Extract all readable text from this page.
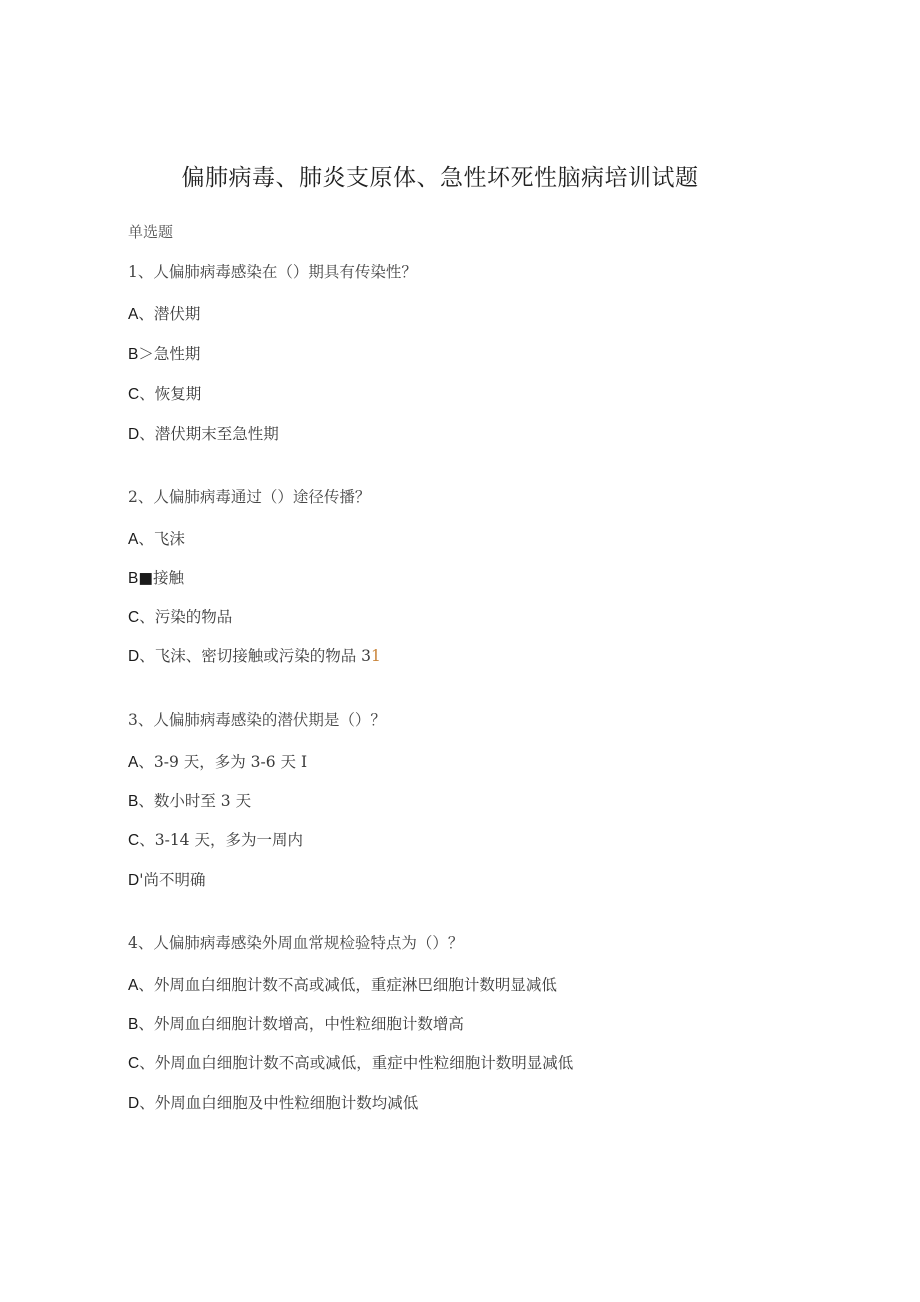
偏肺病毒、肺炎支原体、急性坏死性脑病培训试题
单选题
1、人偏肺病毒感染在（）期具有传染性？
A、潜伏期
B＞急性期
C、恢复期
D、潜伏期末至急性期
2、人偏肺病毒通过（）途径传播？
A、飞沫
B■接触
C、污染的物品
D、飞沫、密切接触或污染的物品 31
3、人偏肺病毒感染的潜伏期是（）？
A、3-9 天，多为 3-6 天 I
B、数小时至 3 天
C、3-14 天，多为一周内
D'尚不明确
4、人偏肺病毒感染外周血常规检验特点为（）？
A、外周血白细胞计数不高或减低，重症淋巴细胞计数明显减低
B、外周血白细胞计数增高，中性粒细胞计数增高
C、外周血白细胞计数不高或减低，重症中性粒细胞计数明显减低
D、外周血白细胞及中性粒细胞计数均减低
